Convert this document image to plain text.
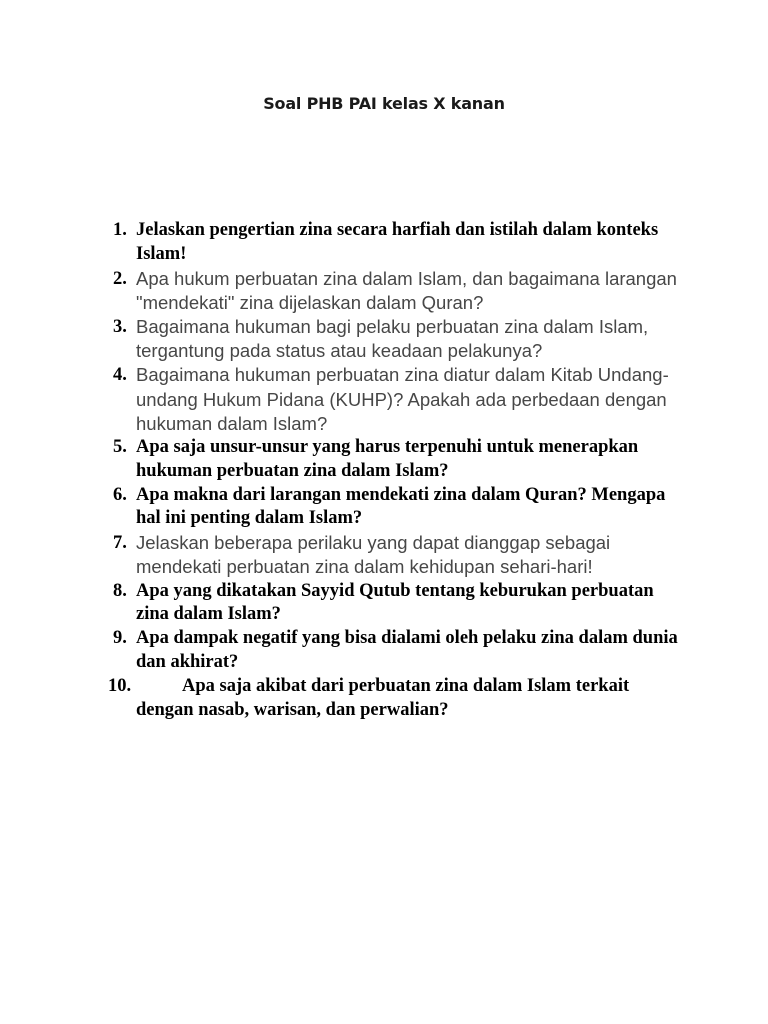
Soal PHB PAI kelas X kanan
1. Jelaskan pengertian zina secara harfiah dan istilah dalam konteks Islam!
2. Apa hukum perbuatan zina dalam Islam, dan bagaimana larangan "mendekati" zina dijelaskan dalam Quran?
3. Bagaimana hukuman bagi pelaku perbuatan zina dalam Islam, tergantung pada status atau keadaan pelakunya?
4. Bagaimana hukuman perbuatan zina diatur dalam Kitab Undang-undang Hukum Pidana (KUHP)? Apakah ada perbedaan dengan hukuman dalam Islam?
5. Apa saja unsur-unsur yang harus terpenuhi untuk menerapkan hukuman perbuatan zina dalam Islam?
6. Apa makna dari larangan mendekati zina dalam Quran? Mengapa hal ini penting dalam Islam?
7. Jelaskan beberapa perilaku yang dapat dianggap sebagai mendekati perbuatan zina dalam kehidupan sehari-hari!
8. Apa yang dikatakan Sayyid Qutub tentang keburukan perbuatan zina dalam Islam?
9. Apa dampak negatif yang bisa dialami oleh pelaku zina dalam dunia dan akhirat?
10.	Apa saja akibat dari perbuatan zina dalam Islam terkait dengan nasab, warisan, dan perwalian?
